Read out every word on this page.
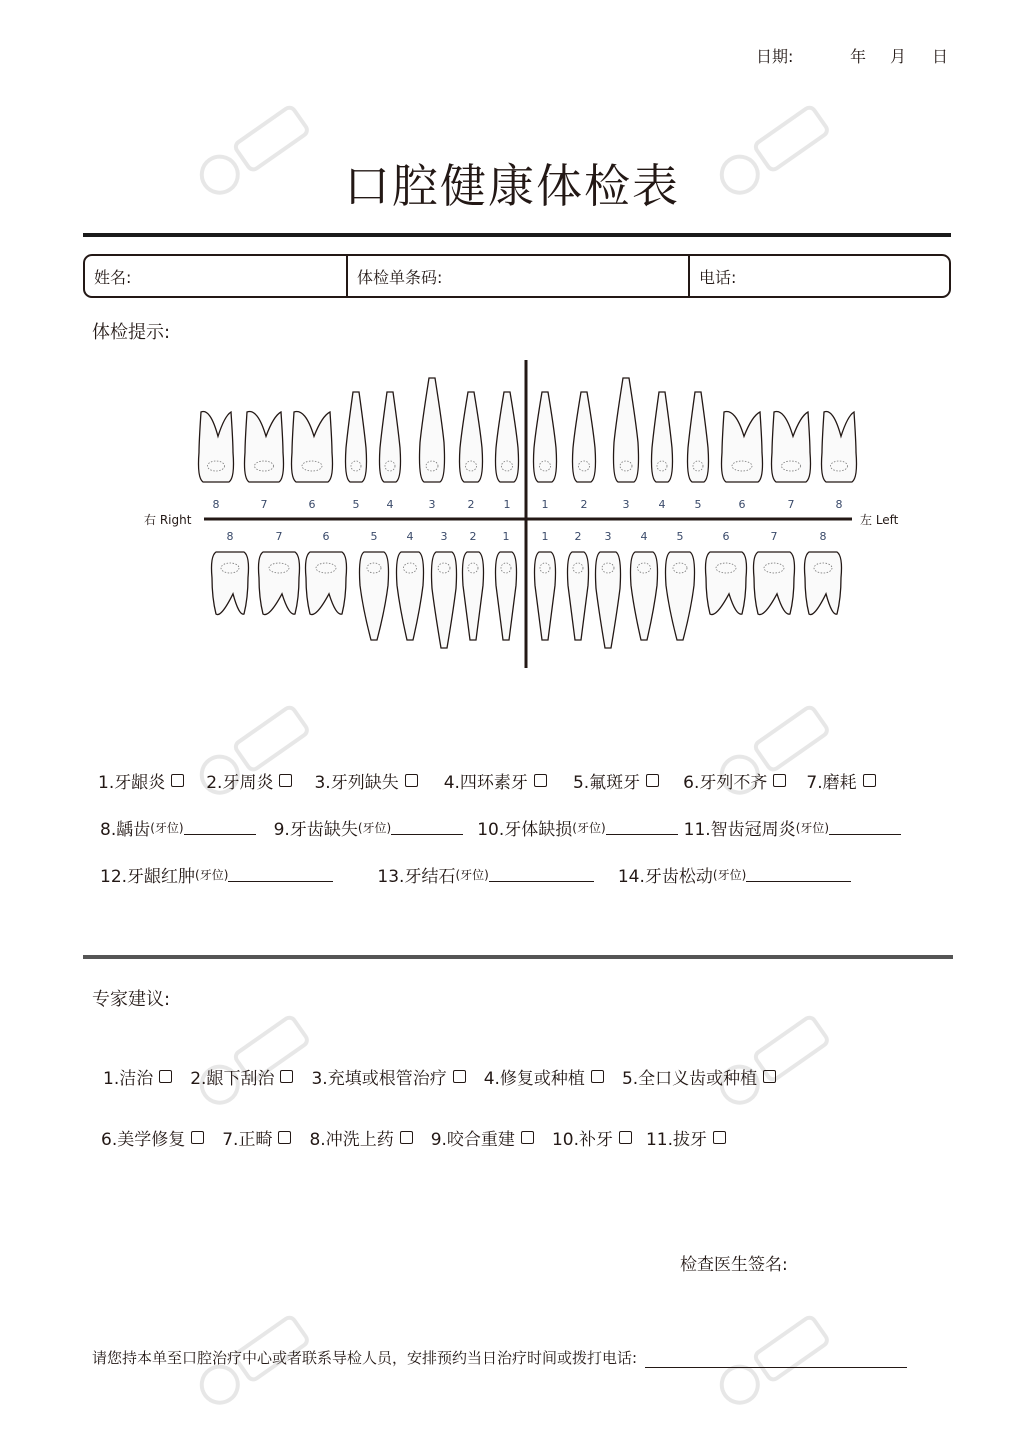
日期:	年	月	日
口腔健康体检表
姓名:	体检单条码:	电话:
体检提示:
右 Right	左 Left
8	7	6	5 4	3	2	1	1	2	3	4	5	6	7	8
8	7	6	5	4 3 2 1	1 2 3	4	5	6	7	8
1.牙龈炎 2.牙周炎 3.牙列缺失	4.四环素牙	5.氟斑牙	6.牙列不齐 7.磨耗
8.龋齿 (牙位)	9.牙齿缺失 (牙位)	10.牙体缺损 (牙位)	11.智齿冠周炎 (牙位)
12.牙龈红肿 (牙位)	13.牙结石 (牙位)	14.牙齿松动 (牙位)
专家建议:
1.洁治 2.龈下刮治 3.充填或根管治疗 4.修复或种植 5.全口义齿或种植
6.美学修复 7.正畸 8.冲洗上药 9.咬合重建 10.补牙 11.拔牙
检查医生签名:
请您持本单至口腔治疗中心或者联系导检人员，安排预约当日治疗时间或拨打电话:
